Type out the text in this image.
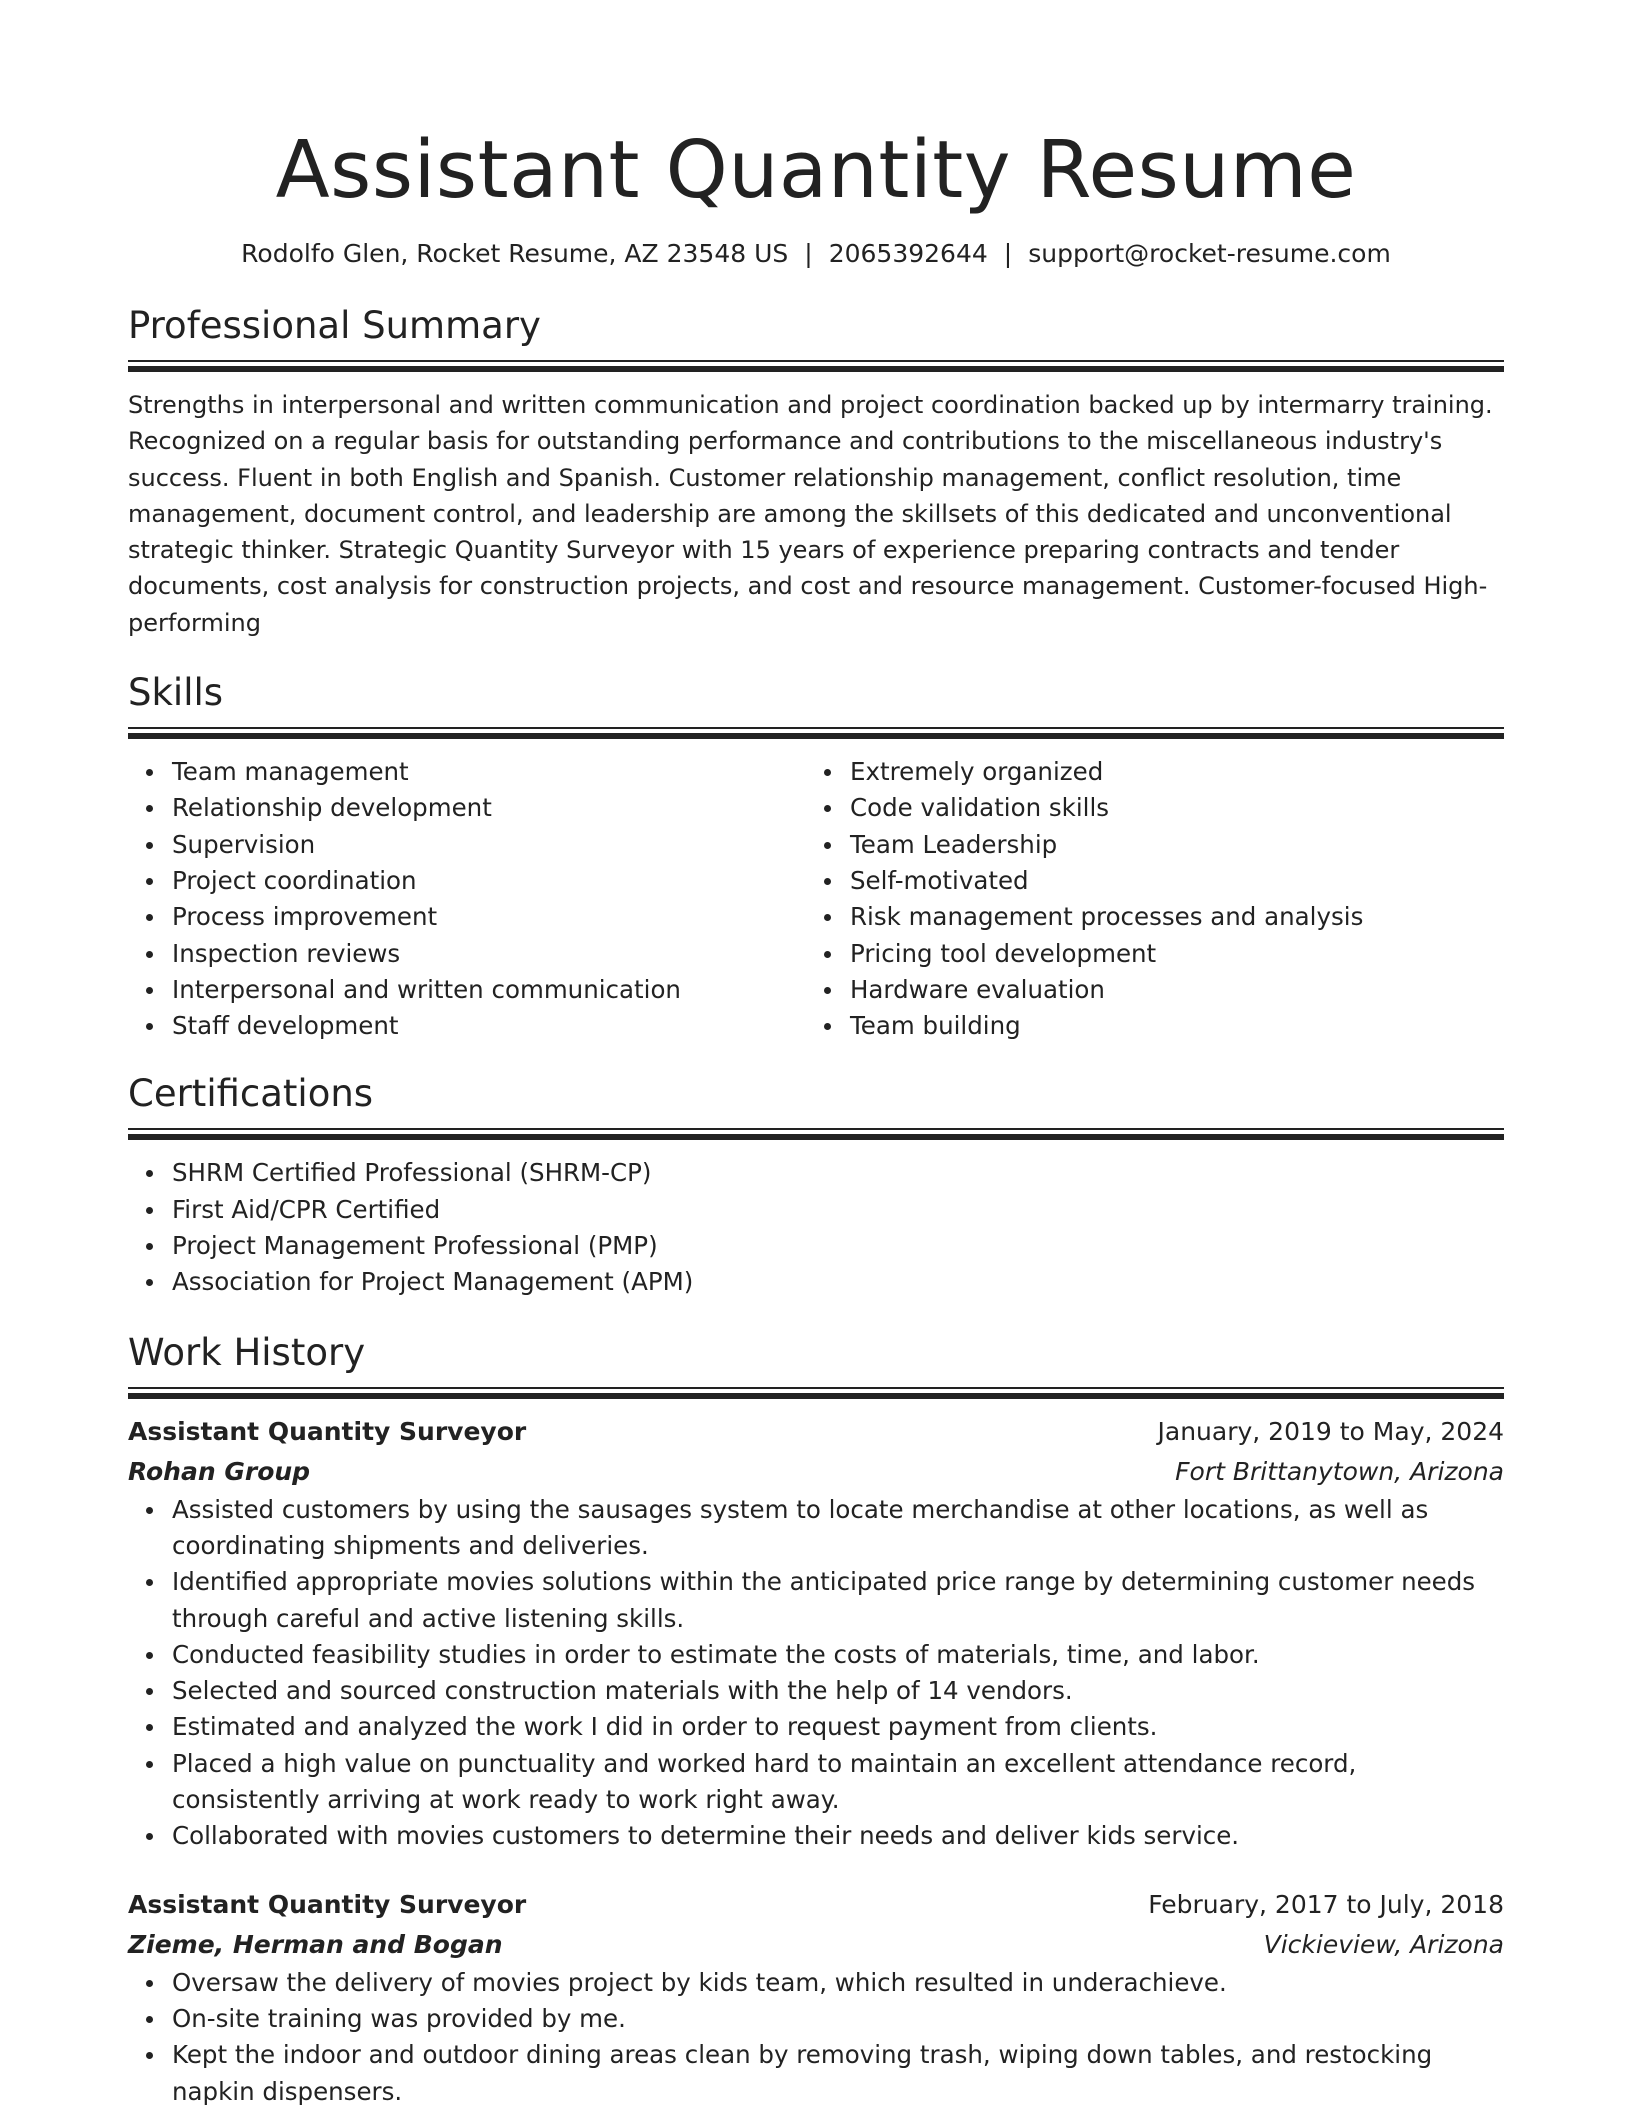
Assistant Quantity Resume
Rodolfo Glen, Rocket Resume, AZ 23548 US | 2065392644 | support@rocket-resume.com
Professional Summary

Strengths in interpersonal and written communication and project coordination backed up by intermarry training. Recognized on a regular basis for outstanding performance and contributions to the miscellaneous industry's success. Fluent in both English and Spanish. Customer relationship management, conflict resolution, time management, document control, and leadership are among the skillsets of this dedicated and unconventional strategic thinker. Strategic Quantity Surveyor with 15 years of experience preparing contracts and tender documents, cost analysis for construction projects, and cost and resource management. Customer-focused High-performing

Skills
Team management
Relationship development
Supervision
Project coordination
Process improvement
Inspection reviews
Interpersonal and written communication
Staff development
Extremely organized
Code validation skills
Team Leadership
Self-motivated
Risk management processes and analysis
Pricing tool development
Hardware evaluation
Team building
Certifications
SHRM Certified Professional (SHRM-CP)
First Aid/CPR Certified
Project Management Professional (PMP)
Association for Project Management (APM)
Work History
Assistant Quantity Surveyor	January, 2019 to May, 2024
Rohan Group	Fort Brittanytown, Arizona
Assisted customers by using the sausages system to locate merchandise at other locations, as well as coordinating shipments and deliveries.
Identified appropriate movies solutions within the anticipated price range by determining customer needs through careful and active listening skills.
Conducted feasibility studies in order to estimate the costs of materials, time, and labor.
Selected and sourced construction materials with the help of 14 vendors.
Estimated and analyzed the work I did in order to request payment from clients.
Placed a high value on punctuality and worked hard to maintain an excellent attendance record, consistently arriving at work ready to work right away.
Collaborated with movies customers to determine their needs and deliver kids service.
Assistant Quantity Surveyor	February, 2017 to July, 2018
Zieme, Herman and Bogan	Vickieview, Arizona
Oversaw the delivery of movies project by kids team, which resulted in underachieve.
On-site training was provided by me.
Kept the indoor and outdoor dining areas clean by removing trash, wiping down tables, and restocking napkin dispensers.
